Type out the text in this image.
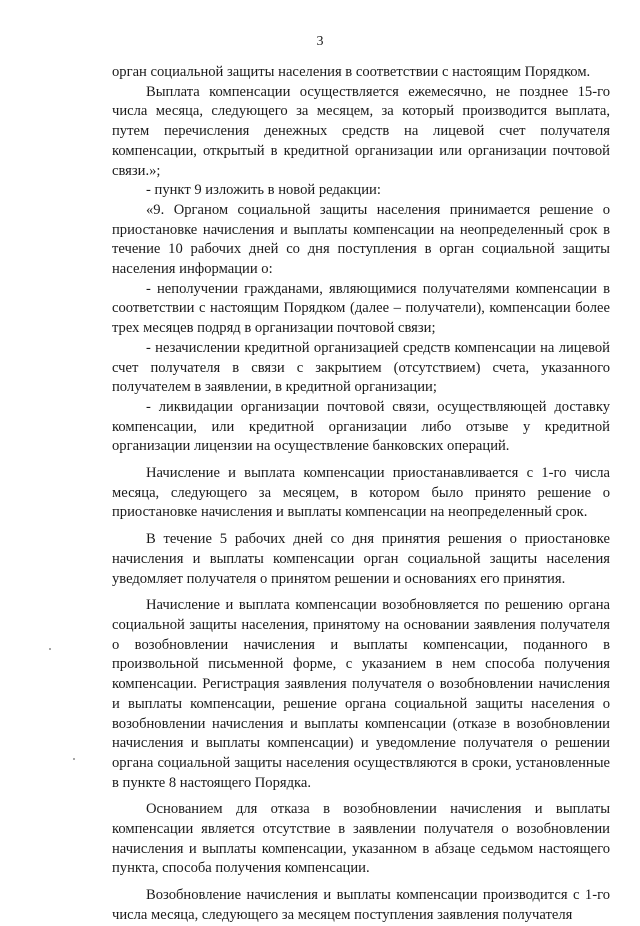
3

орган социальной защиты населения в соответствии с настоящим Порядком.

Выплата компенсации осуществляется ежемесячно, не позднее 15-го числа месяца, следующего за месяцем, за который производится выплата, путем перечисления денежных средств на лицевой счет получателя компенсации, открытый в кредитной организации или организации почтовой связи.»;

- пункт 9 изложить в новой редакции:

«9. Органом социальной защиты населения принимается решение о приостановке начисления и выплаты компенсации на неопределенный срок в течение 10 рабочих дней со дня поступления в орган социальной защиты населения информации о:

- неполучении гражданами, являющимися получателями компенсации в соответствии с настоящим Порядком (далее – получатели), компенсации более трех месяцев подряд в организации почтовой связи;

- незачислении кредитной организацией средств компенсации на лицевой счет получателя в связи с закрытием (отсутствием) счета, указанного получателем в заявлении, в кредитной организации;

- ликвидации организации почтовой связи, осуществляющей доставку компенсации, или кредитной организации либо отзыве у кредитной организации лицензии на осуществление банковских операций.

Начисление и выплата компенсации приостанавливается с 1-го числа месяца, следующего за месяцем, в котором было принято решение о приостановке начисления и выплаты компенсации на неопределенный срок.

В течение 5 рабочих дней со дня принятия решения о приостановке начисления и выплаты компенсации орган социальной защиты населения уведомляет получателя о принятом решении и основаниях его принятия.

Начисление и выплата компенсации возобновляется по решению органа социальной защиты населения, принятому на основании заявления получателя о возобновлении начисления и выплаты компенсации, поданного в произвольной письменной форме, с указанием в нем способа получения компенсации. Регистрация заявления получателя о возобновлении начисления и выплаты компенсации, решение органа социальной защиты населения о возобновлении начисления и выплаты компенсации (отказе в возобновлении начисления и выплаты компенсации) и уведомление получателя о решении органа социальной защиты населения осуществляются в сроки, установленные в пункте 8 настоящего Порядка.

Основанием для отказа в возобновлении начисления и выплаты компенсации является отсутствие в заявлении получателя о возобновлении начисления и выплаты компенсации, указанном в абзаце седьмом настоящего пункта, способа получения компенсации.

Возобновление начисления и выплаты компенсации производится с 1-го числа месяца, следующего за месяцем поступления заявления получателя
